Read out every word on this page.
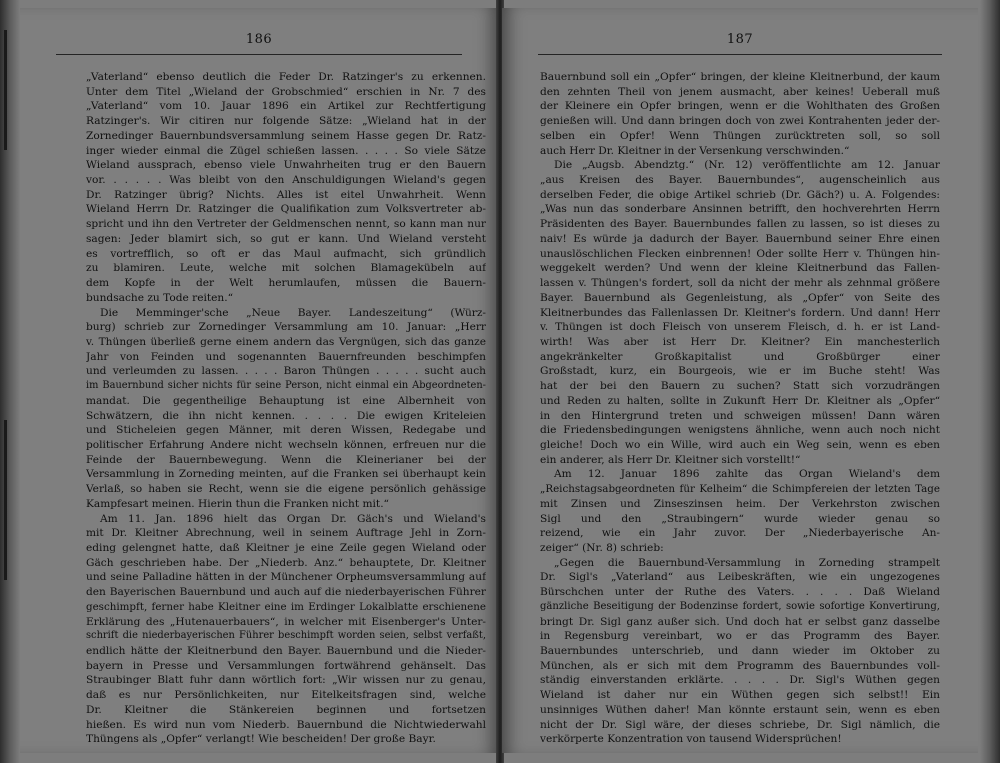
186
„Vaterland“ ebenso deutlich die Feder Dr. Ratzinger's zu erkennen.
Unter dem Titel „Wieland der Grobschmied“ erschien in Nr. 7 des
„Vaterland“ vom 10. Jauar 1896 ein Artikel zur Rechtfertigung
Ratzinger's. Wir citiren nur folgende Sätze: „Wieland hat in der
Zornedinger Bauernbundsversammlung seinem Hasse gegen Dr. Ratz-
inger wieder einmal die Zügel schießen lassen. . . . . So viele Sätze
Wieland aussprach, ebenso viele Unwahrheiten trug er den Bauern
vor. . . . . . Was bleibt von den Anschuldigungen Wieland's gegen
Dr. Ratzinger übrig? Nichts. Alles ist eitel Unwahrheit. Wenn
Wieland Herrn Dr. Ratzinger die Qualifikation zum Volksvertreter ab-
spricht und ihn den Vertreter der Geldmenschen nennt, so kann man nur
sagen: Jeder blamirt sich, so gut er kann. Und Wieland versteht
es vortrefflich, so oft er das Maul aufmacht, sich gründlich
zu blamiren. Leute, welche mit solchen Blamagekübeln auf
dem Kopfe in der Welt herumlaufen, müssen die Bauern-
bundsache zu Tode reiten.“
Die Memminger'sche „Neue Bayer. Landeszeitung“ (Würz-
burg) schrieb zur Zornedinger Versammlung am 10. Januar: „Herr
v. Thüngen überließ gerne einem andern das Vergnügen, sich das ganze
Jahr von Feinden und sogenannten Bauernfreunden beschimpfen
und verleumden zu lassen. . . . . Baron Thüngen . . . . . sucht auch
im Bauernbund sicher nichts für seine Person, nicht einmal ein Abgeordneten-
mandat. Die gegentheilige Behauptung ist eine Albernheit von
Schwätzern, die ihn nicht kennen. . . . . Die ewigen Kriteleien
und Sticheleien gegen Männer, mit deren Wissen, Redegabe und
politischer Erfahrung Andere nicht wechseln können, erfreuen nur die
Feinde der Bauernbewegung. Wenn die Kleinerianer bei der
Versammlung in Zorneding meinten, auf die Franken sei überhaupt kein
Verlaß, so haben sie Recht, wenn sie die eigene persönlich gehässige
Kampfesart meinen. Hierin thun die Franken nicht mit.“
Am 11. Jan. 1896 hielt das Organ Dr. Gäch's und Wieland's
mit Dr. Kleitner Abrechnung, weil in seinem Auftrage Jehl in Zorn-
eding gelengnet hatte, daß Kleitner je eine Zeile gegen Wieland oder
Gäch geschrieben habe. Der „Niederb. Anz.“ behauptete, Dr. Kleitner
und seine Palladine hätten in der Münchener Orpheumsversammlung auf
den Bayerischen Bauernbund und auch auf die niederbayerischen Führer
geschimpft, ferner habe Kleitner eine im Erdinger Lokalblatte erschienene
Erklärung des „Hutenauerbauers“, in welcher mit Eisenberger's Unter-
schrift die niederbayerischen Führer beschimpft worden seien, selbst verfaßt,
endlich hätte der Kleitnerbund den Bayer. Bauernbund und die Nieder-
bayern in Presse und Versammlungen fortwährend gehänselt. Das
Straubinger Blatt fuhr dann wörtlich fort: „Wir wissen nur zu genau,
daß es nur Persönlichkeiten, nur Eitelkeitsfragen sind, welche
Dr. Kleitner die Stänkereien beginnen und fortsetzen
hießen. Es wird nun vom Niederb. Bauernbund die Nichtwiederwahl
Thüngens als „Opfer“ verlangt! Wie bescheiden! Der große Bayr.
187
Bauernbund soll ein „Opfer“ bringen, der kleine Kleitnerbund, der kaum
den zehnten Theil von jenem ausmacht, aber keines! Ueberall muß
der Kleinere ein Opfer bringen, wenn er die Wohlthaten des Großen
genießen will. Und dann bringen doch von zwei Kontrahenten jeder der-
selben ein Opfer! Wenn Thüngen zurücktreten soll, so soll
auch Herr Dr. Kleitner in der Versenkung verschwinden.“
Die „Augsb. Abendztg.“ (Nr. 12) veröffentlichte am 12. Januar
„aus Kreisen des Bayer. Bauernbundes“, augenscheinlich aus
derselben Feder, die obige Artikel schrieb (Dr. Gäch?) u. A. Folgendes:
„Was nun das sonderbare Ansinnen betrifft, den hochverehrten Herrn
Präsidenten des Bayer. Bauernbundes fallen zu lassen, so ist dieses zu
naiv! Es würde ja dadurch der Bayer. Bauernbund seiner Ehre einen
unauslöschlichen Flecken einbrennen! Oder sollte Herr v. Thüngen hin-
weggekelt werden? Und wenn der kleine Kleitnerbund das Fallen-
lassen v. Thüngen's fordert, soll da nicht der mehr als zehnmal größere
Bayer. Bauernbund als Gegenleistung, als „Opfer“ von Seite des
Kleitnerbundes das Fallenlassen Dr. Kleitner's fordern. Und dann! Herr
v. Thüngen ist doch Fleisch von unserem Fleisch, d. h. er ist Land-
wirth! Was aber ist Herr Dr. Kleitner? Ein manchesterlich
angekränkelter Großkapitalist und Großbürger einer
Großstadt, kurz, ein Bourgeois, wie er im Buche steht! Was
hat der bei den Bauern zu suchen? Statt sich vorzudrängen
und Reden zu halten, sollte in Zukunft Herr Dr. Kleitner als „Opfer“
in den Hintergrund treten und schweigen müssen! Dann wären
die Friedensbedingungen wenigstens ähnliche, wenn auch noch nicht
gleiche! Doch wo ein Wille, wird auch ein Weg sein, wenn es eben
ein anderer, als Herr Dr. Kleitner sich vorstellt!“
Am 12. Januar 1896 zahlte das Organ Wieland's dem
„Reichstagsabgeordneten für Kelheim“ die Schimpfereien der letzten Tage
mit Zinsen und Zinseszinsen heim. Der Verkehrston zwischen
Sigl und den „Straubingern“ wurde wieder genau so
reizend, wie ein Jahr zuvor. Der „Niederbayerische An-
zeiger“ (Nr. 8) schrieb:
„Gegen die Bauernbund-Versammlung in Zorneding strampelt
Dr. Sigl's „Vaterland“ aus Leibeskräften, wie ein ungezogenes
Bürschchen unter der Ruthe des Vaters. . . . . Daß Wieland
gänzliche Beseitigung der Bodenzinse fordert, sowie sofortige Konvertirung,
bringt Dr. Sigl ganz außer sich. Und doch hat er selbst ganz dasselbe
in Regensburg vereinbart, wo er das Programm des Bayer.
Bauernbundes unterschrieb, und dann wieder im Oktober zu
München, als er sich mit dem Programm des Bauernbundes voll-
ständig einverstanden erklärte. . . . . Dr. Sigl's Wüthen gegen
Wieland ist daher nur ein Wüthen gegen sich selbst!! Ein
unsinniges Wüthen daher! Man könnte erstaunt sein, wenn es eben
nicht der Dr. Sigl wäre, der dieses schriebe, Dr. Sigl nämlich, die
verkörperte Konzentration von tausend Widersprüchen!
